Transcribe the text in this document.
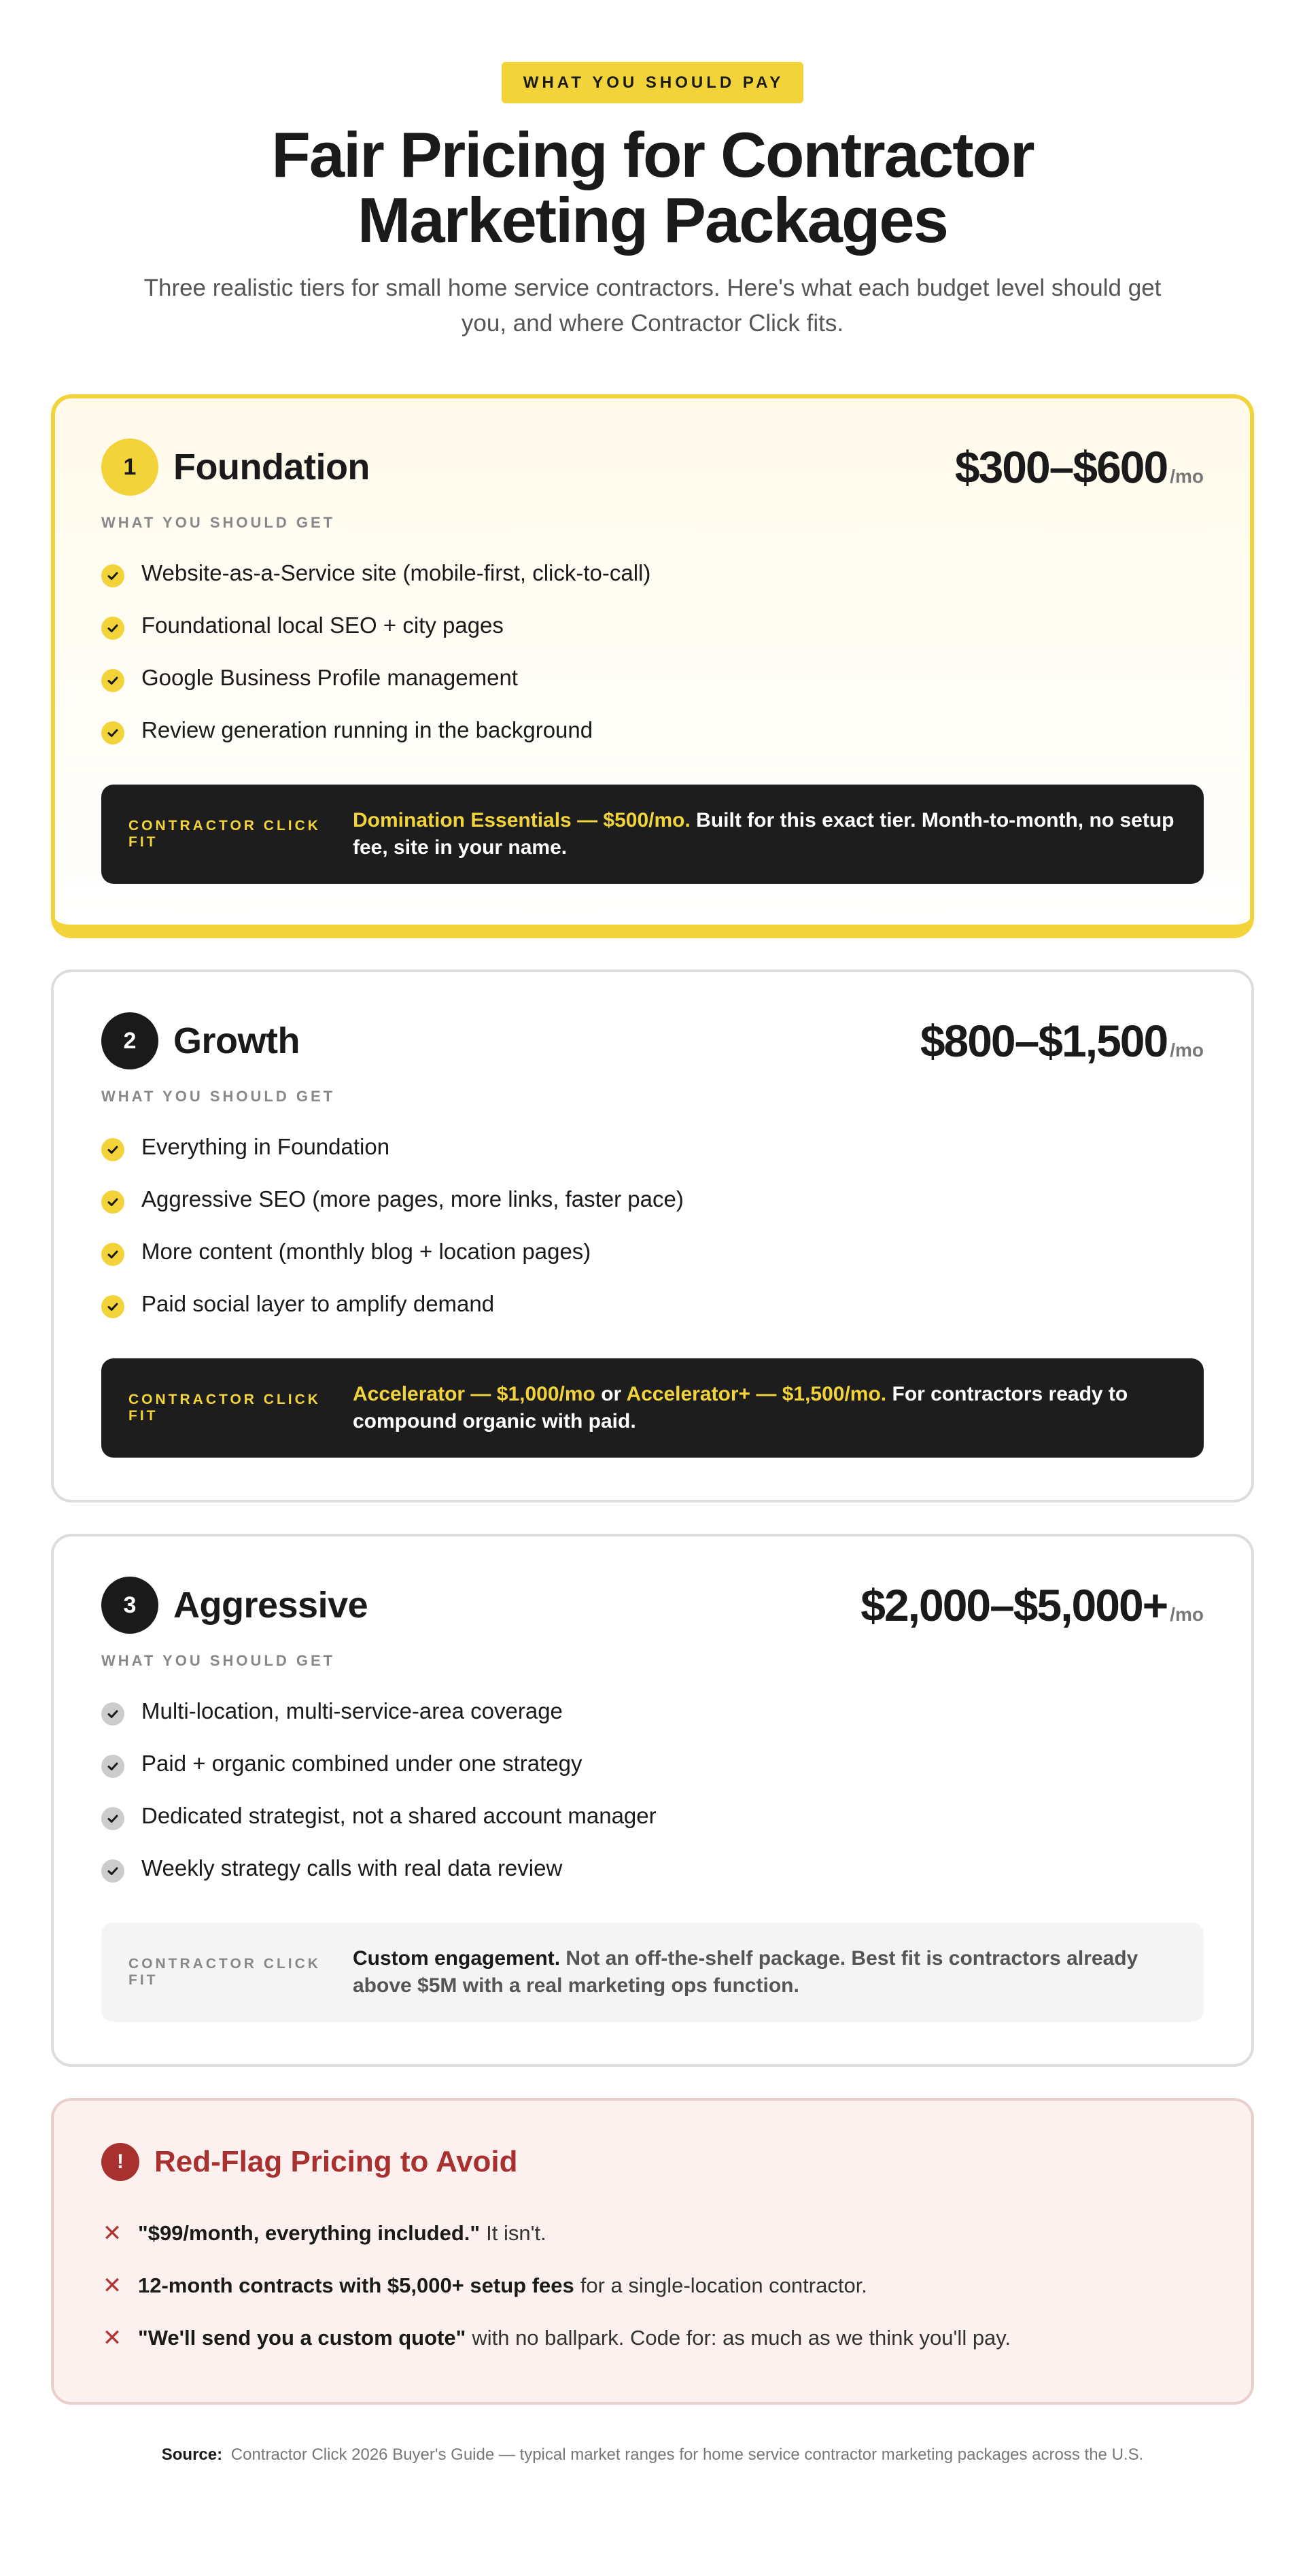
WHAT YOU SHOULD PAY
Fair Pricing for Contractor Marketing Packages

Three realistic tiers for small home service contractors. Here's what each budget level should get you, and where Contractor Click fits.

1	Foundation	$300–$600 /mo
WHAT YOU SHOULD GET
Website-as-a-Service site (mobile-first, click-to-call)
Foundational local SEO + city pages
Google Business Profile management
Review generation running in the background
CONTRACTOR CLICK FIT
Domination Essentials — $500/mo. Built for this exact tier. Month-to-month, no setup fee, site in your name.
2	Growth	$800–$1,500 /mo
WHAT YOU SHOULD GET
Everything in Foundation
Aggressive SEO (more pages, more links, faster pace)
More content (monthly blog + location pages)
Paid social layer to amplify demand
CONTRACTOR CLICK FIT
Accelerator — $1,000/mo or Accelerator+ — $1,500/mo. For contractors ready to compound organic with paid.
3	Aggressive	$2,000–$5,000+ /mo
WHAT YOU SHOULD GET
Multi-location, multi-service-area coverage
Paid + organic combined under one strategy
Dedicated strategist, not a shared account manager
Weekly strategy calls with real data review
CONTRACTOR CLICK FIT
Custom engagement. Not an off-the-shelf package. Best fit is contractors already above $5M with a real marketing ops function.
!	Red-Flag Pricing to Avoid
✕ "$99/month, everything included." It isn't.
✕ 12-month contracts with $5,000+ setup fees for a single-location contractor.
✕ "We'll send you a custom quote" with no ballpark. Code for: as much as we think you'll pay.

Source: Contractor Click 2026 Buyer's Guide — typical market ranges for home service contractor marketing packages across the U.S.
